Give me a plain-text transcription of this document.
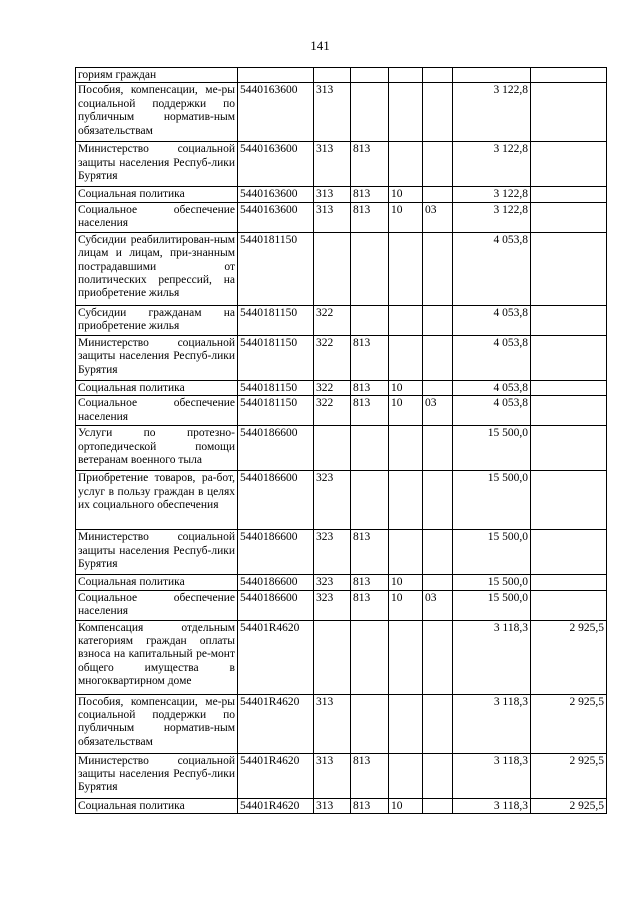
141
гориям граждан							
Пособия, компенсации, ме-ры социальной поддержки по публичным норматив-ным обязательствам	5440163600	313				3 122,8	
Министерство социальной защиты населения Респуб-лики Бурятия	5440163600	313	813			3 122,8	
Социальная политика	5440163600	313	813	10		3 122,8	
Социальное обеспечение населения	5440163600	313	813	10	03	3 122,8	
Субсидии реабилитирован-ным лицам и лицам, при-знанным пострадавшими от политических репрессий, на приобретение жилья	5440181150					4 053,8	
Субсидии гражданам на приобретение жилья	5440181150	322				4 053,8	
Министерство социальной защиты населения Респуб-лики Бурятия	5440181150	322	813			4 053,8	
Социальная политика	5440181150	322	813	10		4 053,8	
Социальное обеспечение населения	5440181150	322	813	10	03	4 053,8	
Услуги по протезно-ортопедической помощи ветеранам военного тыла	5440186600					15 500,0	
Приобретение товаров, ра-бот, услуг в пользу граждан в целях их социального обеспечения	5440186600	323				15 500,0	
Министерство социальной защиты населения Респуб-лики Бурятия	5440186600	323	813			15 500,0	
Социальная политика	5440186600	323	813	10		15 500,0	
Социальное обеспечение населения	5440186600	323	813	10	03	15 500,0	
Компенсация отдельным категориям граждан оплаты взноса на капитальный ре-монт общего имущества в многоквартирном доме	54401R4620					3 118,3	2 925,5
Пособия, компенсации, ме-ры социальной поддержки по публичным норматив-ным обязательствам	54401R4620	313				3 118,3	2 925,5
Министерство социальной защиты населения Респуб-лики Бурятия	54401R4620	313	813			3 118,3	2 925,5
Социальная политика	54401R4620	313	813	10		3 118,3	2 925,5
